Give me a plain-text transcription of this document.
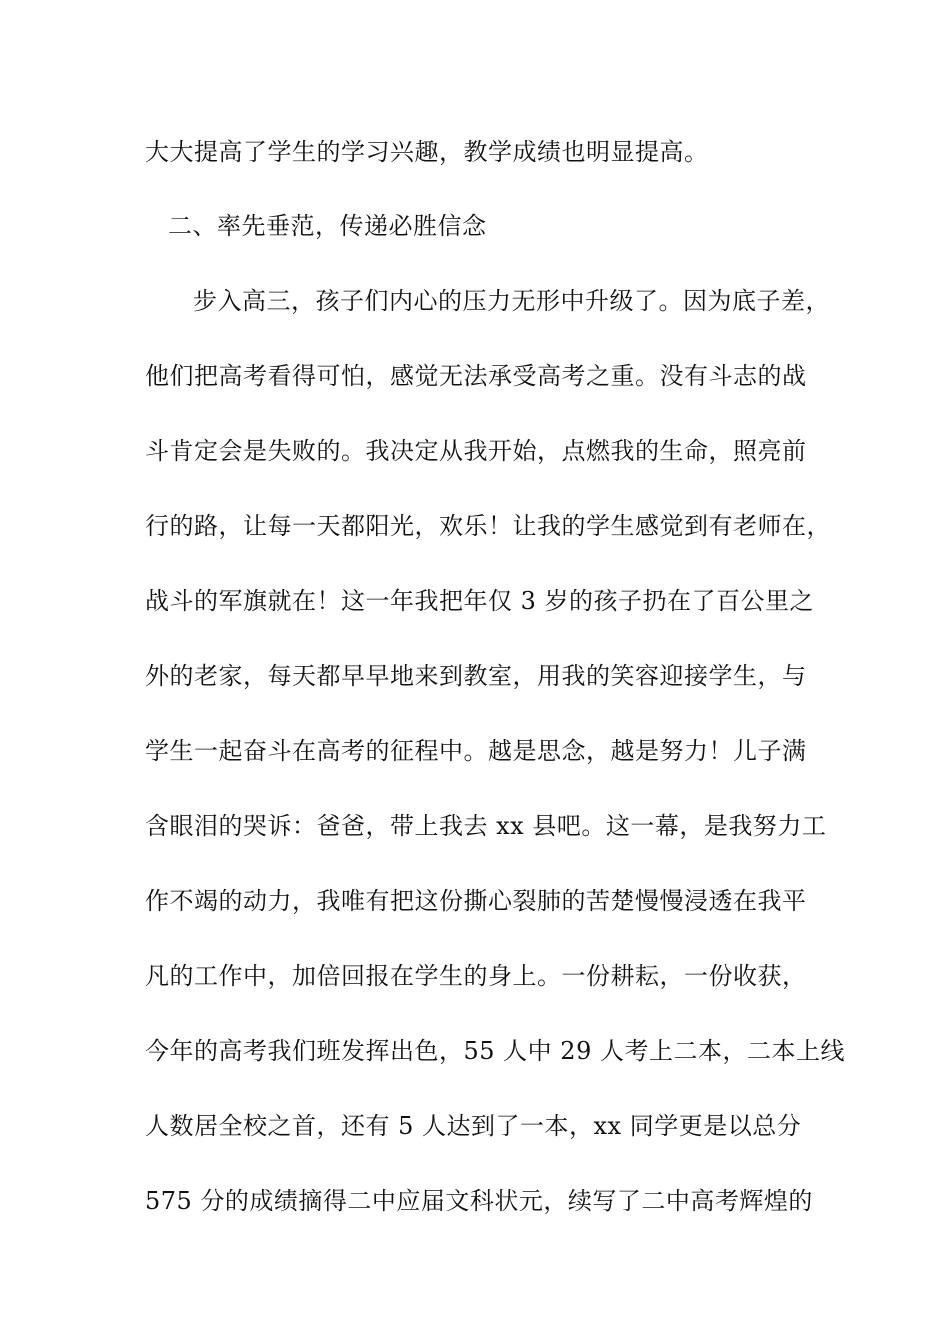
大大提高了学生的学习兴趣，教学成绩也明显提高。
二、率先垂范，传递必胜信念
步入高三，孩子们内心的压力无形中升级了。因为底子差，
他们把高考看得可怕，感觉无法承受高考之重。没有斗志的战
斗肯定会是失败的。我决定从我开始，点燃我的生命，照亮前
行的路，让每一天都阳光，欢乐！让我的学生感觉到有老师在，
战斗的军旗就在！这一年我把年仅 3 岁的孩子扔在了百公里之
外的老家，每天都早早地来到教室，用我的笑容迎接学生，与
学生一起奋斗在高考的征程中。越是思念，越是努力！儿子满
含眼泪的哭诉：爸爸，带上我去 xx 县吧。这一幕，是我努力工
作不竭的动力，我唯有把这份撕心裂肺的苦楚慢慢浸透在我平
凡的工作中，加倍回报在学生的身上。一份耕耘，一份收获，
今年的高考我们班发挥出色，55 人中 29 人考上二本，二本上线
人数居全校之首，还有 5 人达到了一本，xx 同学更是以总分
575 分的成绩摘得二中应届文科状元，续写了二中高考辉煌的
